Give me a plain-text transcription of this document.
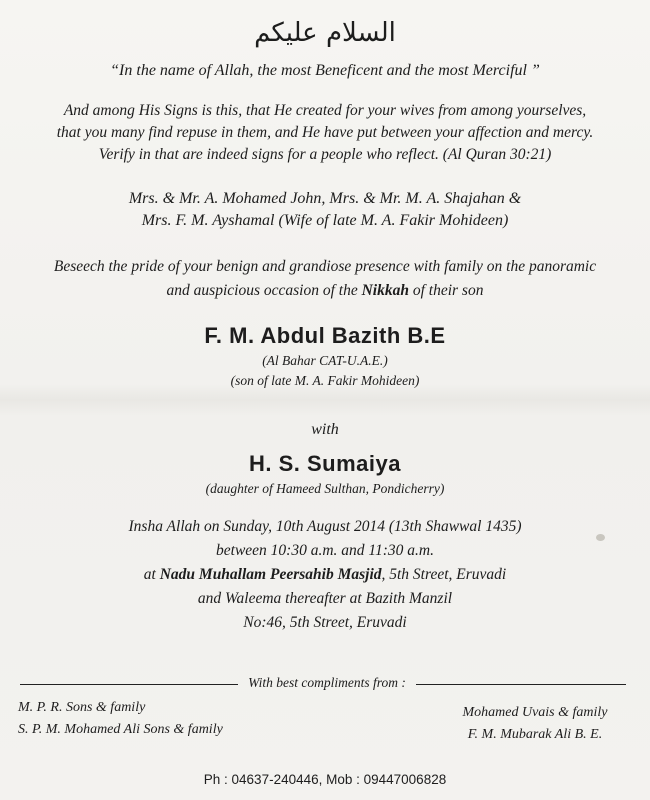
السلام عليكم
“In the name of Allah, the most Beneficent and the most Merciful ”
And among His Signs is this, that He created for your wives from among yourselves,
that you many find repuse in them, and He have put between your affection and mercy.
Verify in that are indeed signs for a people who reflect. (Al Quran 30:21)
Mrs. & Mr. A. Mohamed John, Mrs. & Mr. M. A. Shajahan &
Mrs. F. M. Ayshamal (Wife of late M. A. Fakir Mohideen)
Beseech the pride of your benign and grandiose presence with family on the panoramic
and auspicious occasion of the Nikkah of their son
F. M. Abdul Bazith B.E
(Al Bahar CAT-U.A.E.)
(son of late M. A. Fakir Mohideen)
with
H. S. Sumaiya
(daughter of Hameed Sulthan, Pondicherry)
Insha Allah on Sunday, 10th August 2014 (13th Shawwal 1435)
between 10:30 a.m. and 11:30 a.m.
at Nadu Muhallam Peersahib Masjid, 5th Street, Eruvadi
and Waleema thereafter at Bazith Manzil
No:46, 5th Street, Eruvadi
With best compliments from :
M. P. R. Sons & family
S. P. M. Mohamed Ali Sons & family
Mohamed Uvais & family
F. M. Mubarak Ali B. E.
Ph : 04637-240446, Mob : 09447006828
